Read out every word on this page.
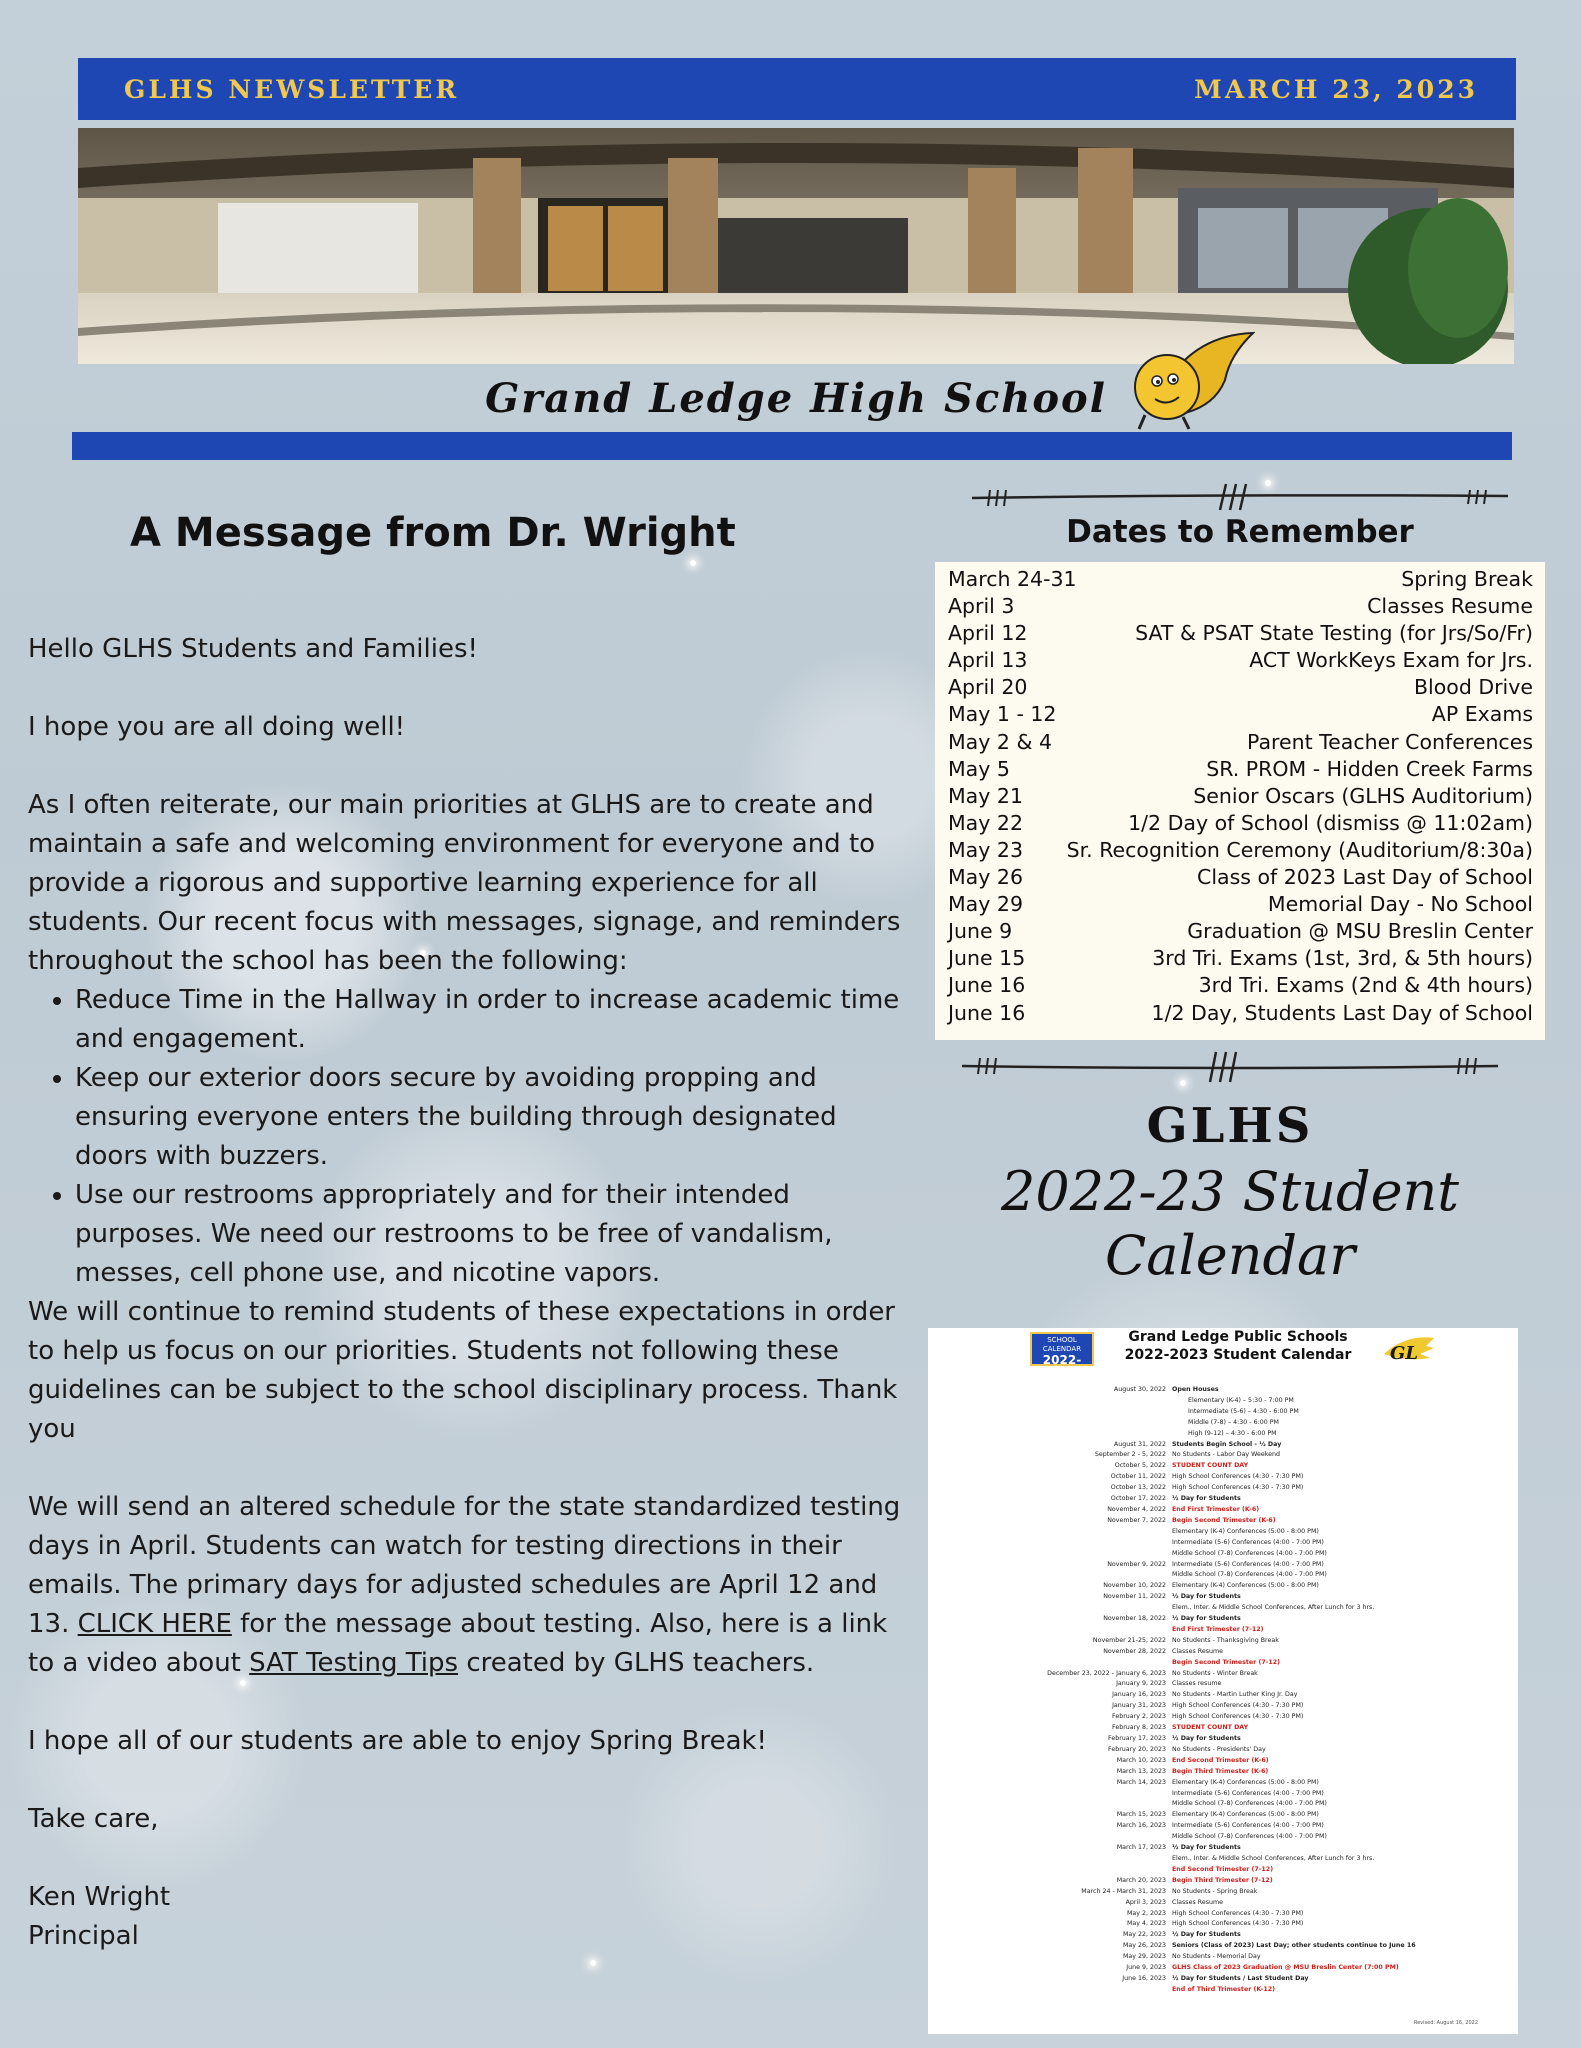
GLHS NEWSLETTER	MARCH 23, 2023
Grand Ledge High School
A Message from Dr. Wright

Hello GLHS Students and Families!

I hope you are all doing well!

As I often reiterate, our main priorities at GLHS are to create and maintain a safe and welcoming environment for everyone and to provide a rigorous and supportive learning experience for all students. Our recent focus with messages, signage, and reminders throughout the school has been the following:

• Reduce Time in the Hallway in order to increase academic time and engagement.
• Keep our exterior doors secure by avoiding propping and ensuring everyone enters the building through designated doors with buzzers.
• Use our restrooms appropriately and for their intended purposes. We need our restrooms to be free of vandalism, messes, cell phone use, and nicotine vapors.

We will continue to remind students of these expectations in order to help us focus on our priorities. Students not following these guidelines can be subject to the school disciplinary process. Thank you

We will send an altered schedule for the state standardized testing days in April. Students can watch for testing directions in their emails. The primary days for adjusted schedules are April 12 and 13. CLICK HERE for the message about testing. Also, here is a link to a video about SAT Testing Tips created by GLHS teachers.

I hope all of our students are able to enjoy Spring Break!

Take care,

Ken Wright

Principal

Dates to Remember
March 24-31	Spring Break
April 3	Classes Resume
April 12	SAT & PSAT State Testing (for Jrs/So/Fr)
April 13	ACT WorkKeys Exam for Jrs.
April 20	Blood Drive
May 1 - 12	AP Exams
May 2 & 4	Parent Teacher Conferences
May 5	SR. PROM - Hidden Creek Farms
May 21	Senior Oscars (GLHS Auditorium)
May 22	1/2 Day of School (dismiss @ 11:02am)
May 23	Sr. Recognition Ceremony (Auditorium/8:30a)
May 26	Class of 2023 Last Day of School
May 29	Memorial Day - No School
June 9	Graduation @ MSU Breslin Center
June 15	3rd Tri. Exams (1st, 3rd, & 5th hours)
June 16	3rd Tri. Exams (2nd & 4th hours)
June 16	1/2 Day, Students Last Day of School
GLHS
2022-23 Student Calendar
SCHOOL CALENDAR
2022-2023
Grand Ledge Public Schools
2022-2023 Student Calendar	GL
August 30, 2022 Open Houses
Elementary (K-4) – 5:30 - 7:00 PM
Intermediate (5-6) – 4:30 - 6:00 PM
Middle (7-8) – 4:30 - 6:00 PM
High (9-12) – 4:30 - 6:00 PM
August 31, 2022 Students Begin School - ½ Day
September 2 - 5, 2022 No Students - Labor Day Weekend
October 5, 2022 STUDENT COUNT DAY
October 11, 2022 High School Conferences (4:30 - 7:30 PM)
October 13, 2022 High School Conferences (4:30 - 7:30 PM)
October 17, 2022 ½ Day for Students
November 4, 2022 End First Trimester (K-6)
November 7, 2022 Begin Second Trimester (K-6)
Elementary (K-4) Conferences (5:00 - 8:00 PM)
Intermediate (5-6) Conferences (4:00 - 7:00 PM)
Middle School (7-8) Conferences (4:00 - 7:00 PM)
November 9, 2022 Intermediate (5-6) Conferences (4:00 - 7:00 PM)
Middle School (7-8) Conferences (4:00 - 7:00 PM)
November 10, 2022 Elementary (K-4) Conferences (5:00 - 8:00 PM)
November 11, 2022 ½ Day for Students
Elem., Inter. & Middle School Conferences, After Lunch for 3 hrs.
November 18, 2022 ½ Day for Students
End First Trimester (7-12)
November 21-25, 2022 No Students - Thanksgiving Break
November 28, 2022 Classes Resume
Begin Second Trimester (7-12)
December 23, 2022 - January 6, 2023 No Students - Winter Break
January 9, 2023 Classes resume
January 16, 2023 No Students - Martin Luther King Jr. Day
January 31, 2023 High School Conferences (4:30 - 7:30 PM)
February 2, 2023 High School Conferences (4:30 - 7:30 PM)
February 8, 2023 STUDENT COUNT DAY
February 17, 2023 ½ Day for Students
February 20, 2023 No Students - Presidents' Day
March 10, 2023 End Second Trimester (K-6)
March 13, 2023 Begin Third Trimester (K-6)
March 14, 2023 Elementary (K-4) Conferences (5:00 - 8:00 PM)
Intermediate (5-6) Conferences (4:00 - 7:00 PM)
Middle School (7-8) Conferences (4:00 - 7:00 PM)
March 15, 2023 Elementary (K-4) Conferences (5:00 - 8:00 PM)
March 16, 2023 Intermediate (5-6) Conferences (4:00 - 7:00 PM)
Middle School (7-8) Conferences (4:00 - 7:00 PM)
March 17, 2023 ½ Day for Students
Elem., Inter. & Middle School Conferences, After Lunch for 3 hrs.
End Second Trimester (7-12)
March 20, 2023 Begin Third Trimester (7-12)
March 24 - March 31, 2023 No Students - Spring Break
April 3, 2023 Classes Resume
May 2, 2023 High School Conferences (4:30 - 7:30 PM)
May 4, 2023 High School Conferences (4:30 - 7:30 PM)
May 22, 2023 ½ Day for Students
May 26, 2023 Seniors (Class of 2023) Last Day; other students continue to June 16
May 29, 2023 No Students - Memorial Day
June 9, 2023 GLHS Class of 2023 Graduation @ MSU Breslin Center (7:00 PM)
June 16, 2023 ½ Day for Students / Last Student Day
End of Third Trimester (K-12)
Revised: August 16, 2022
